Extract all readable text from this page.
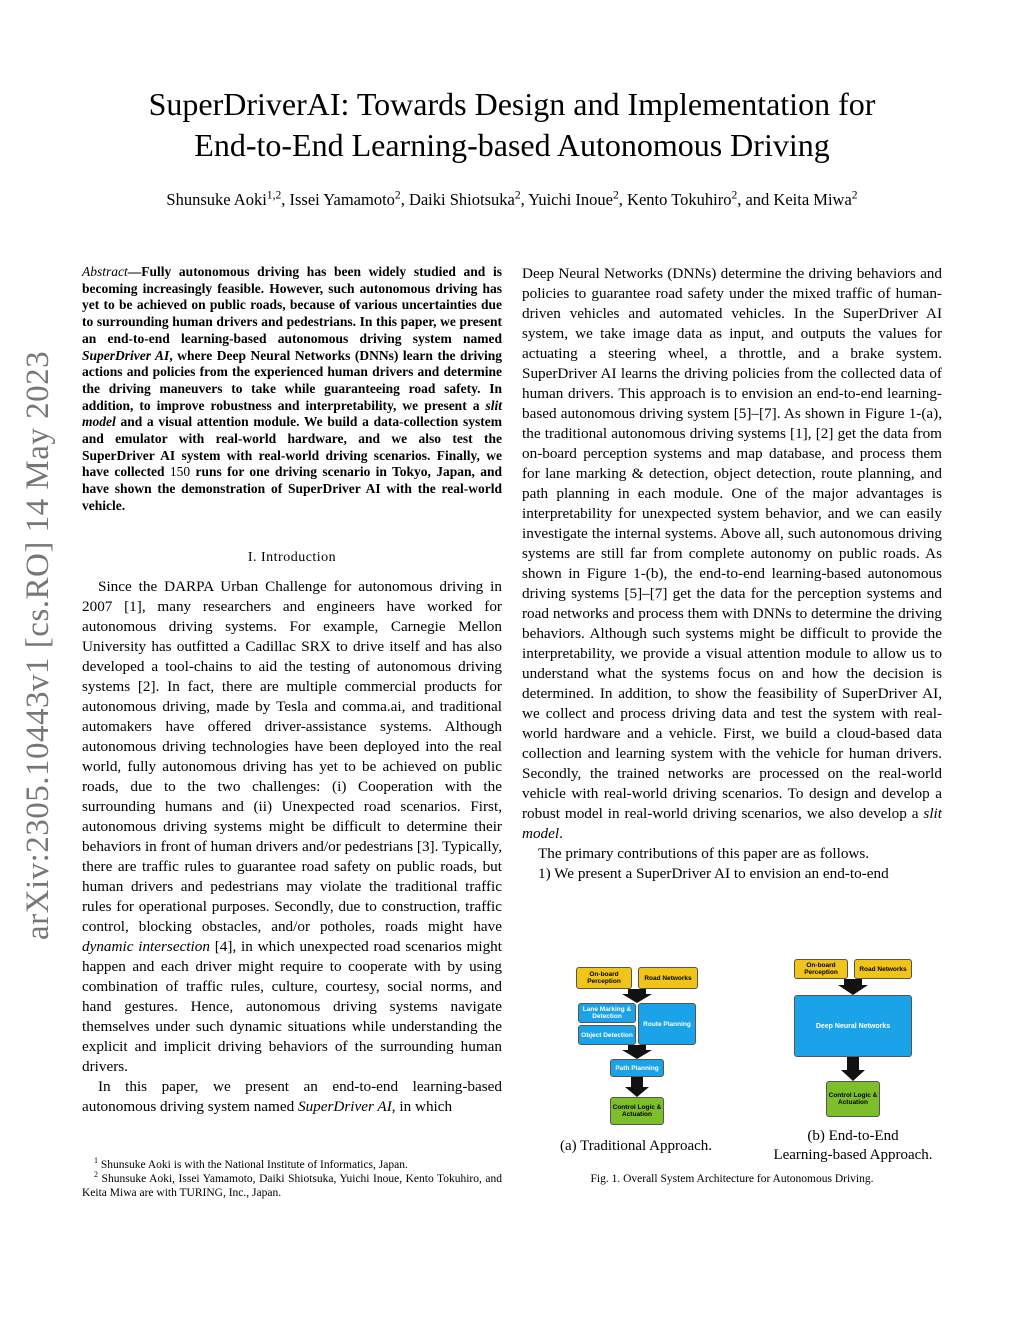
arXiv:2305.10443v1 [cs.RO] 14 May 2023
SuperDriverAI: Towards Design and Implementation for
End-to-End Learning-based Autonomous Driving
Shunsuke Aoki$^{1,2}$, Issei Yamamoto$^2$, Daiki Shiotsuka$^2$, Yuichi Inoue$^2$, Kento Tokuhiro$^2$, and Keita Miwa$^2$
Abstract—Fully autonomous driving has been widely studied and is becoming increasingly feasible. However, such autonomous driving has yet to be achieved on public roads, because of various uncertainties due to surrounding human drivers and pedestrians. In this paper, we present an end-to-end learning-based autonomous driving system named SuperDriver AI, where Deep Neural Networks (DNNs) learn the driving actions and policies from the experienced human drivers and determine the driving maneuvers to take while guaranteeing road safety. In addition, to improve robustness and interpretability, we present a slit model and a visual attention module. We build a data-collection system and emulator with real-world hardware, and we also test the SuperDriver AI system with real-world driving scenarios. Finally, we have collected 150 runs for one driving scenario in Tokyo, Japan, and have shown the demonstration of SuperDriver AI with the real-world vehicle.
I. Introduction

Since the DARPA Urban Challenge for autonomous driving in 2007 [1], many researchers and engineers have worked for autonomous driving systems. For example, Carnegie Mellon University has outfitted a Cadillac SRX to drive itself and has also developed a tool-chains to aid the testing of autonomous driving systems [2]. In fact, there are multiple commercial products for autonomous driving, made by Tesla and comma.ai, and traditional automakers have offered driver-assistance systems. Although autonomous driving technologies have been deployed into the real world, fully autonomous driving has yet to be achieved on public roads, due to the two challenges: (i) Cooperation with the surrounding humans and (ii) Unexpected road scenarios. First, autonomous driving systems might be difficult to determine their behaviors in front of human drivers and/or pedestrians [3]. Typically, there are traffic rules to guarantee road safety on public roads, but human drivers and pedestrians may violate the traditional traffic rules for operational purposes. Secondly, due to construction, traffic control, blocking obstacles, and/or potholes, roads might have dynamic intersection [4], in which unexpected road scenarios might happen and each driver might require to cooperate with by using combination of traffic rules, culture, courtesy, social norms, and hand gestures. Hence, autonomous driving systems navigate themselves under such dynamic situations while understanding the explicit and implicit driving behaviors of the surrounding human drivers.

In this paper, we present an end-to-end learning-based autonomous driving system named SuperDriver AI, in which

Deep Neural Networks (DNNs) determine the driving behaviors and policies to guarantee road safety under the mixed traffic of human-driven vehicles and automated vehicles. In the SuperDriver AI system, we take image data as input, and outputs the values for actuating a steering wheel, a throttle, and a brake system. SuperDriver AI learns the driving policies from the collected data of human drivers. This approach is to envision an end-to-end learning-based autonomous driving system [5]–[7]. As shown in Figure 1-(a), the traditional autonomous driving systems [1], [2] get the data from on-board perception systems and map database, and process them for lane marking & detection, object detection, route planning, and path planning in each module. One of the major advantages is interpretability for unexpected system behavior, and we can easily investigate the internal systems. Above all, such autonomous driving systems are still far from complete autonomy on public roads. As shown in Figure 1-(b), the end-to-end learning-based autonomous driving systems [5]–[7] get the data for the perception systems and road networks and process them with DNNs to determine the driving behaviors. Although such systems might be difficult to provide the interpretability, we provide a visual attention module to allow us to understand what the systems focus on and how the decision is determined. In addition, to show the feasibility of SuperDriver AI, we collect and process driving data and test the system with real-world hardware and a vehicle. First, we build a cloud-based data collection and learning system with the vehicle for human drivers. Secondly, the trained networks are processed on the real-world vehicle with real-world driving scenarios. To design and develop a robust model in real-world driving scenarios, we also develop a slit model.

The primary contributions of this paper are as follows.

1) We present a SuperDriver AI to envision an end-to-end

$^1$ Shunsuke Aoki is with the National Institute of Informatics, Japan.

$^2$ Shunsuke Aoki, Issei Yamamoto, Daiki Shiotsuka, Yuichi Inoue, Kento Tokuhiro, and Keita Miwa are with TURING, Inc., Japan.

On-board Perception	Road Networks
Lane Marking & Detection
Object Detection
Route Planning
Path Planning
Control Logic & Actuation
(a) Traditional Approach.
On-board Perception	Road Networks
Deep Neural Networks
Control Logic & Actuation
(b) End-to-End
Learning-based Approach.
Fig. 1. Overall System Architecture for Autonomous Driving.
